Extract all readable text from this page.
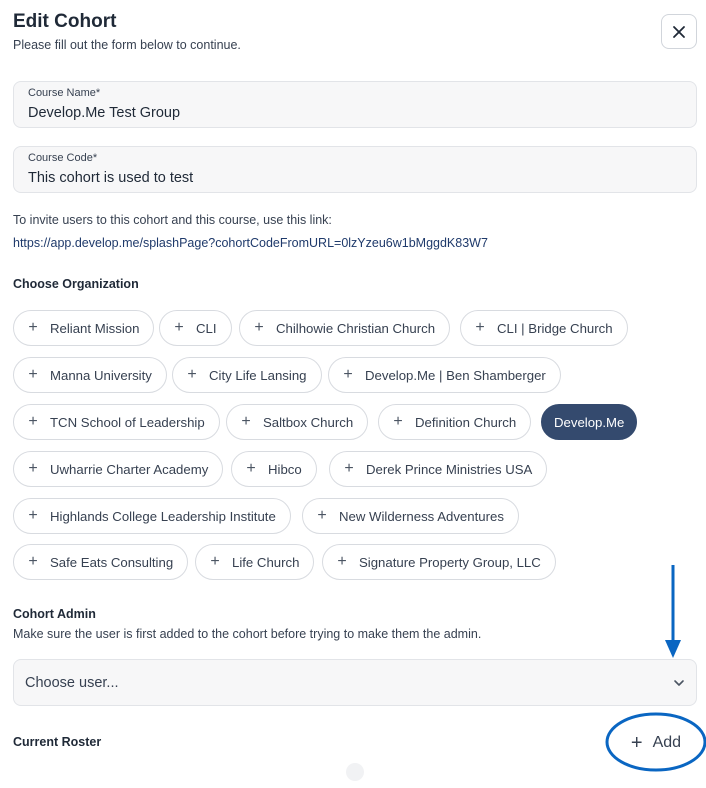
Edit Cohort

Please fill out the form below to continue.

Course Name*
Develop.Me Test Group
Course Code*
This cohort is used to test

To invite users to this cohort and this course, use this link:

https://app.develop.me/splashPage?cohortCodeFromURL=0lzYzeu6w1bMggdK83W7

Choose Organization

+ Reliant Mission + CLI + Chilhowie Christian Church	+ CLI | Bridge Church
+ Manna University + City Life Lansing + Develop.Me | Ben Shamberger
+ TCN School of Leadership + Saltbox Church	+ Definition Church	Develop.Me
+ Uwharrie Charter Academy + Hibco	+ Derek Prince Ministries USA
+ Highlands College Leadership Institute	+ New Wilderness Adventures
+ Safe Eats Consulting + Life Church + Signature Property Group, LLC

Cohort Admin

Make sure the user is first added to the cohort before trying to make them the admin.

Choose user...

Current Roster	+ Add
